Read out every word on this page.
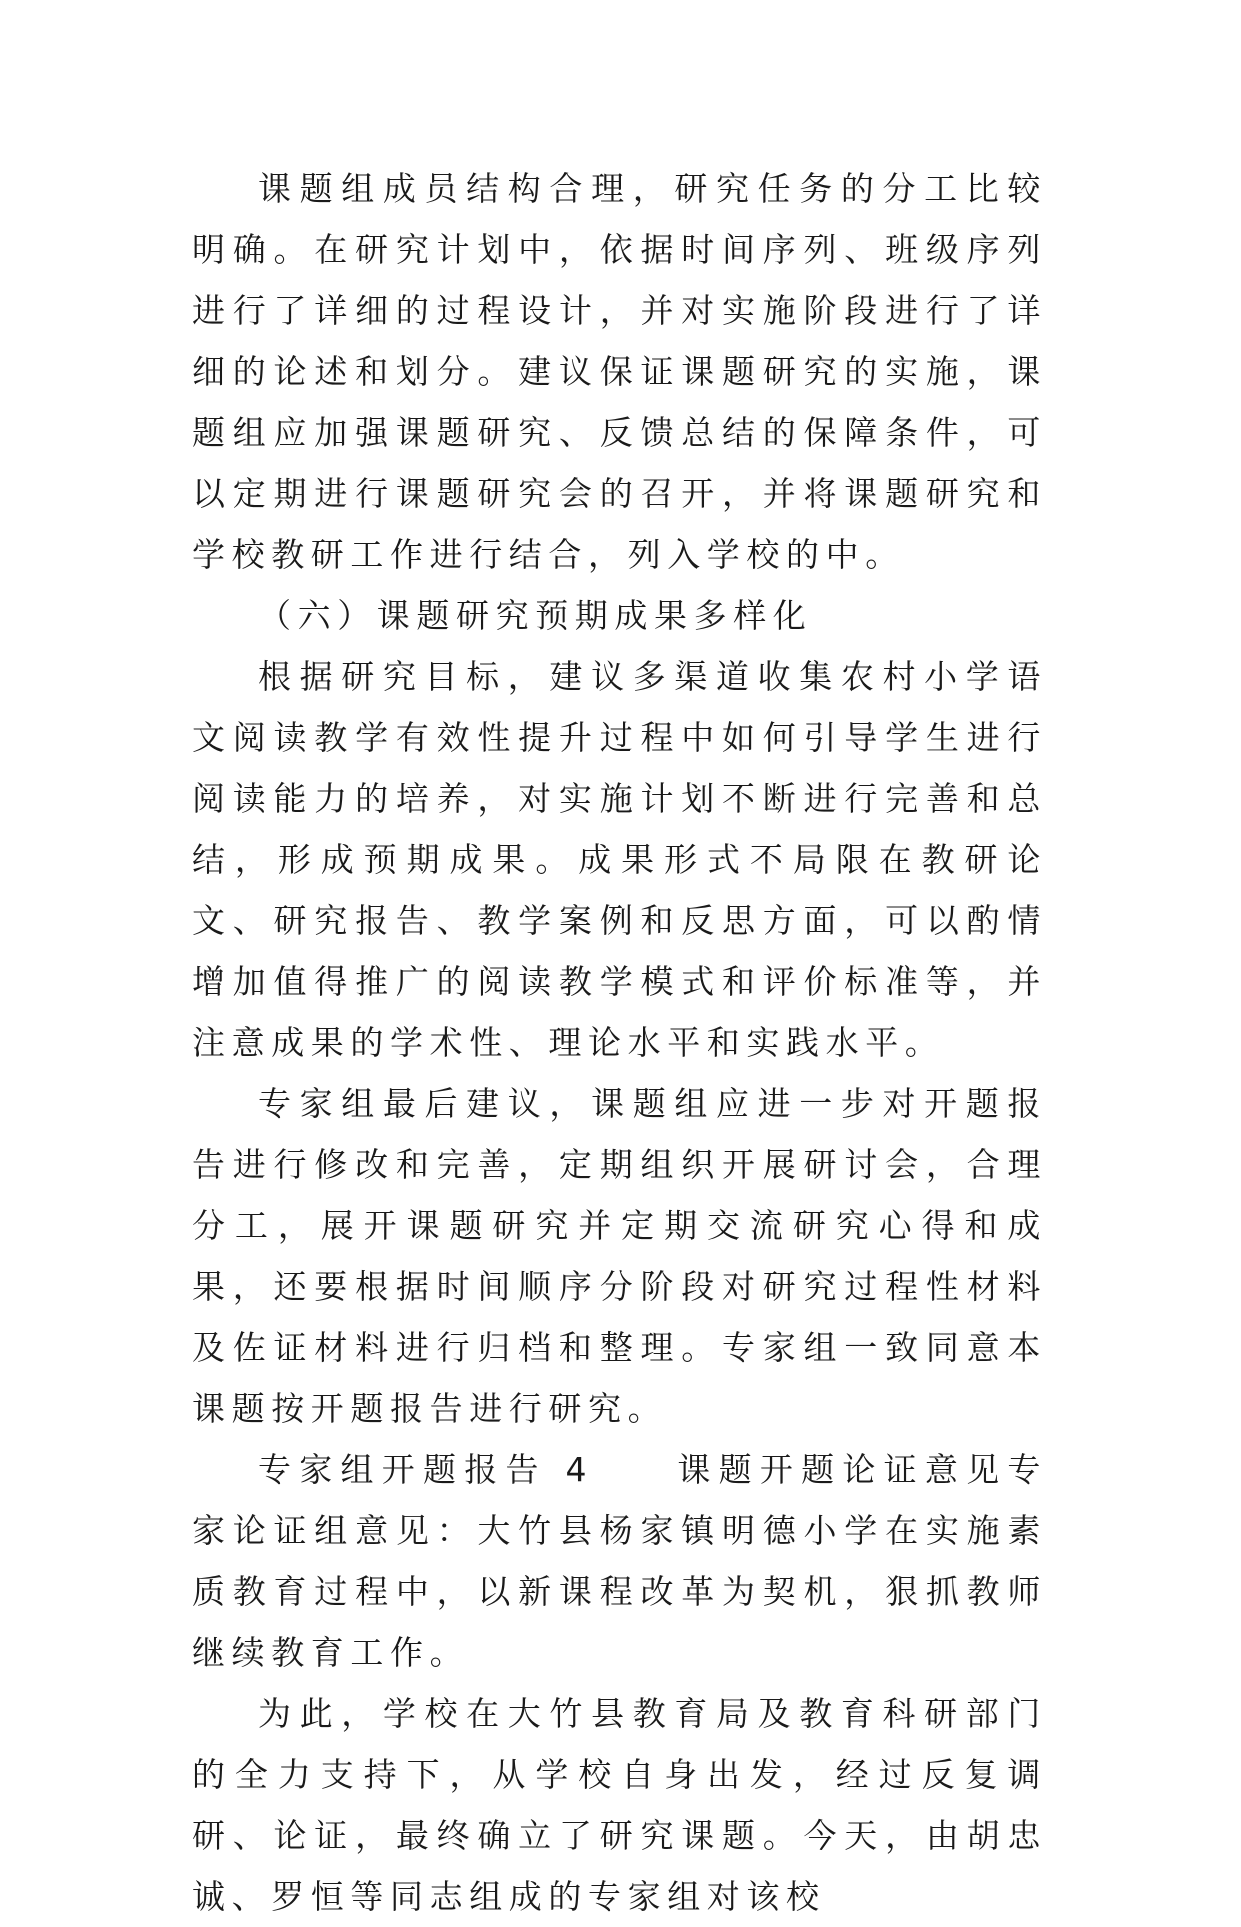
课题组成员结构合理，研究任务的分工比较明确。在研究计划中，依据时间序列、班级序列进行了详细的过程设计，并对实施阶段进行了详细的论述和划分。建议保证课题研究的实施，课题组应加强课题研究、反馈总结的保障条件，可以定期进行课题研究会的召开，并将课题研究和学校教研工作进行结合，列入学校的中。

（六）课题研究预期成果多样化

根据研究目标，建议多渠道收集农村小学语文阅读教学有效性提升过程中如何引导学生进行阅读能力的培养，对实施计划不断进行完善和总结，形成预期成果。成果形式不局限在教研论文、研究报告、教学案例和反思方面，可以酌情增加值得推广的阅读教学模式和评价标准等，并注意成果的学术性、理论水平和实践水平。

专家组最后建议，课题组应进一步对开题报告进行修改和完善，定期组织开展研讨会，合理分工，展开课题研究并定期交流研究心得和成果，还要根据时间顺序分阶段对研究过程性材料及佐证材料进行归档和整理。专家组一致同意本课题按开题报告进行研究。

专家组开题报告 4　　课题开题论证意见专家论证组意见：大竹县杨家镇明德小学在实施素质教育过程中，以新课程改革为契机，狠抓教师继续教育工作。

为此，学校在大竹县教育局及教育科研部门的全力支持下，从学校自身出发，经过反复调研、论证，最终确立了研究课题。今天，由胡忠诚、罗恒等同志组成的专家组对该校
